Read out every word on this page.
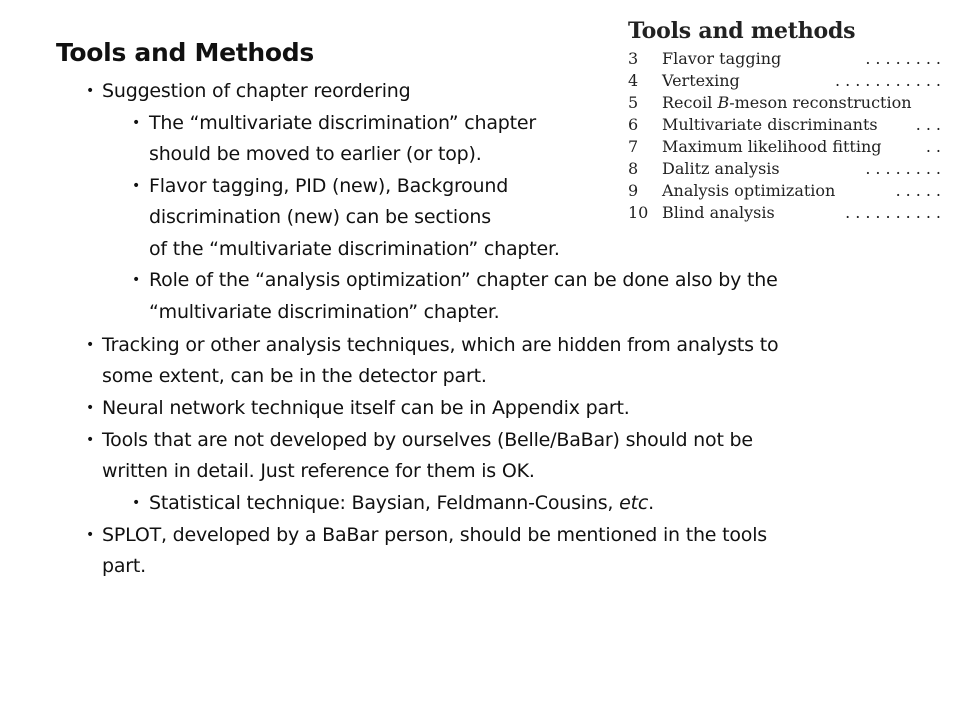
Tools and Methods
•
•
•
•
•
•
•
•
•
Suggestion of chapter reordering
The “multivariate discrimination” chapter
should be moved to earlier (or top).
Flavor tagging, PID (new), Background
discrimination (new) can be sections
of the “multivariate discrimination” chapter.
Role of the “analysis optimization” chapter can be done also by the
“multivariate discrimination” chapter.
Tracking or other analysis techniques, which are hidden from analysts to
some extent, can be in the detector part.
Neural network technique itself can be in Appendix part.
Tools that are not developed by ourselves (Belle/BaBar) should not be
written in detail. Just reference for them is OK.
Statistical technique: Baysian, Feldmann-Cousins, etc.
SPLOT, developed by a BaBar person, should be mentioned in the tools
part.
Tools and methods
3	Flavor tagging	........
4	Vertexing	...........
5	Recoil B-meson reconstruction
6	Multivariate discriminants ...
7	Maximum likelihood fitting	..
8	Dalitz analysis	........
9	Analysis optimization	.....
10 Blind analysis	..........
